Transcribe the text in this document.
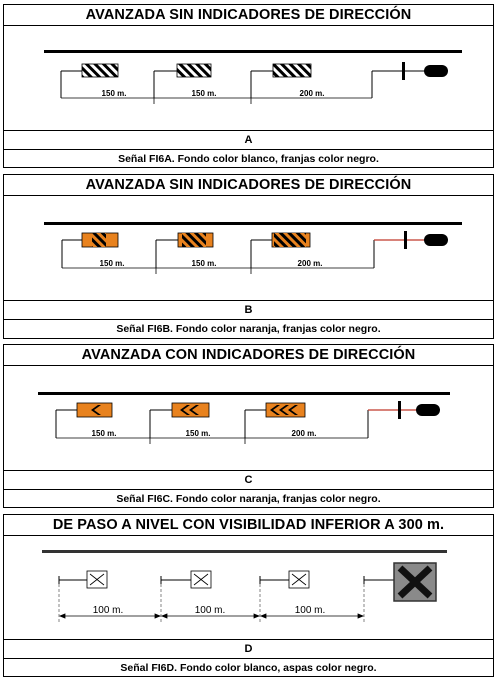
AVANZADA SIN INDICADORES DE DIRECCIÓN
150 m.	150 m.	200 m.
A
Señal FI6A. Fondo color blanco, franjas color negro.
AVANZADA SIN INDICADORES DE DIRECCIÓN
150 m.	150 m.	200 m.
B
Señal FI6B. Fondo color naranja, franjas color negro.
AVANZADA CON INDICADORES DE DIRECCIÓN
150 m.	150 m.	200 m.
C
Señal FI6C. Fondo color naranja, franjas color negro.
DE PASO A NIVEL CON VISIBILIDAD INFERIOR A 300 m.
100 m.	100 m.	100 m.
D
Señal FI6D. Fondo color blanco, aspas color negro.
